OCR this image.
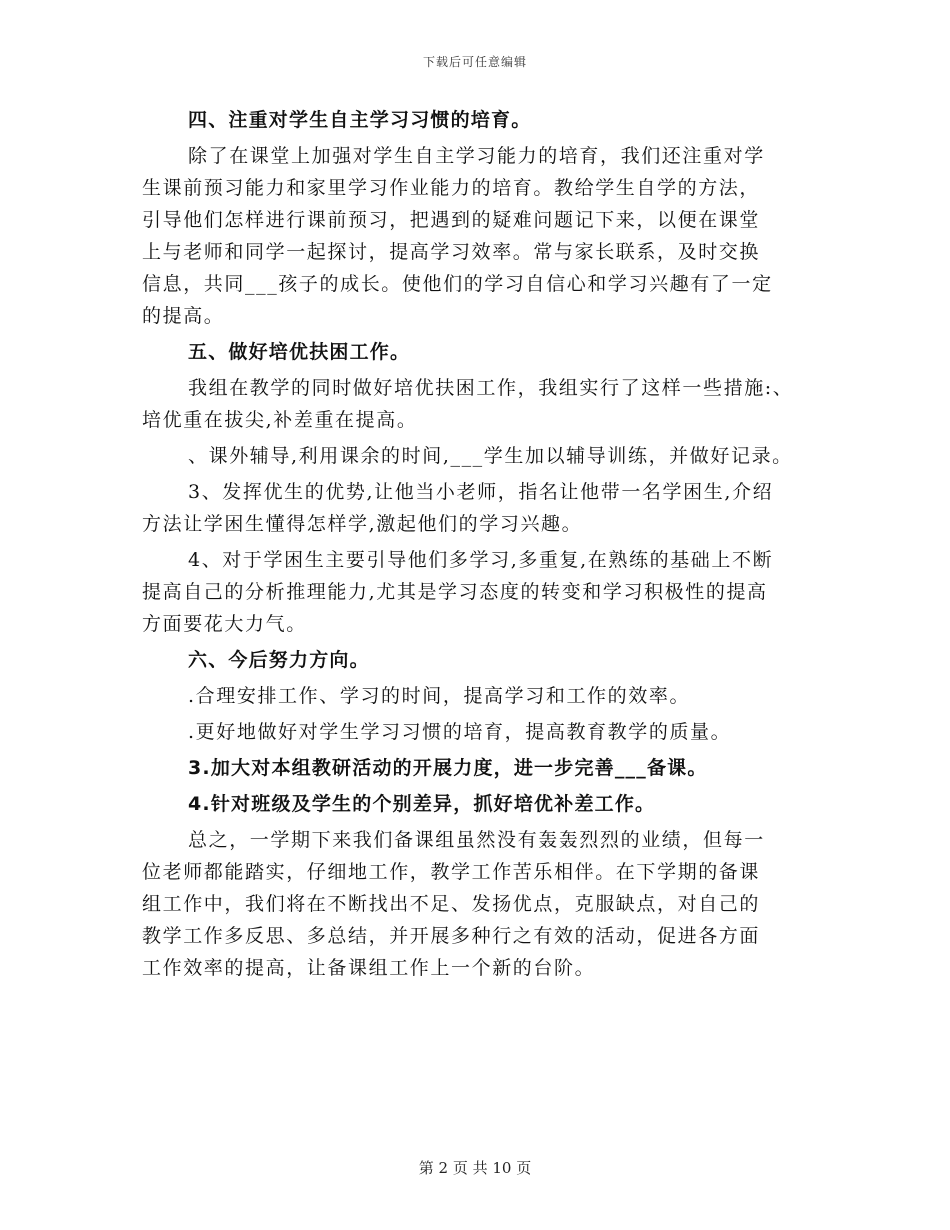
下载后可任意编辑
四、注重对学生自主学习习惯的培育。
除了在课堂上加强对学生自主学习能力的培育，我们还注重对学
生课前预习能力和家里学习作业能力的培育。教给学生自学的方法，
引导他们怎样进行课前预习，把遇到的疑难问题记下来，以便在课堂
上与老师和同学一起探讨，提高学习效率。常与家长联系，及时交换
信息，共同___孩子的成长。使他们的学习自信心和学习兴趣有了一定
的提高。
五、做好培优扶困工作。
我组在教学的同时做好培优扶困工作，我组实行了这样一些措施:、
培优重在拔尖,补差重在提高。
、课外辅导,利用课余的时间,___学生加以辅导训练，并做好记录。
3、发挥优生的优势,让他当小老师，指名让他带一名学困生,介绍
方法让学困生懂得怎样学,激起他们的学习兴趣。
4、对于学困生主要引导他们多学习,多重复,在熟练的基础上不断
提高自己的分析推理能力,尤其是学习态度的转变和学习积极性的提高
方面要花大力气。
六、今后努力方向。
.合理安排工作、学习的时间，提高学习和工作的效率。
.更好地做好对学生学习习惯的培育，提高教育教学的质量。
3.加大对本组教研活动的开展力度，进一步完善___备课。
4.针对班级及学生的个别差异，抓好培优补差工作。
总之，一学期下来我们备课组虽然没有轰轰烈烈的业绩，但每一
位老师都能踏实，仔细地工作，教学工作苦乐相伴。在下学期的备课
组工作中，我们将在不断找出不足、发扬优点，克服缺点，对自己的
教学工作多反思、多总结，并开展多种行之有效的活动，促进各方面
工作效率的提高，让备课组工作上一个新的台阶。
第 2 页 共 10 页
